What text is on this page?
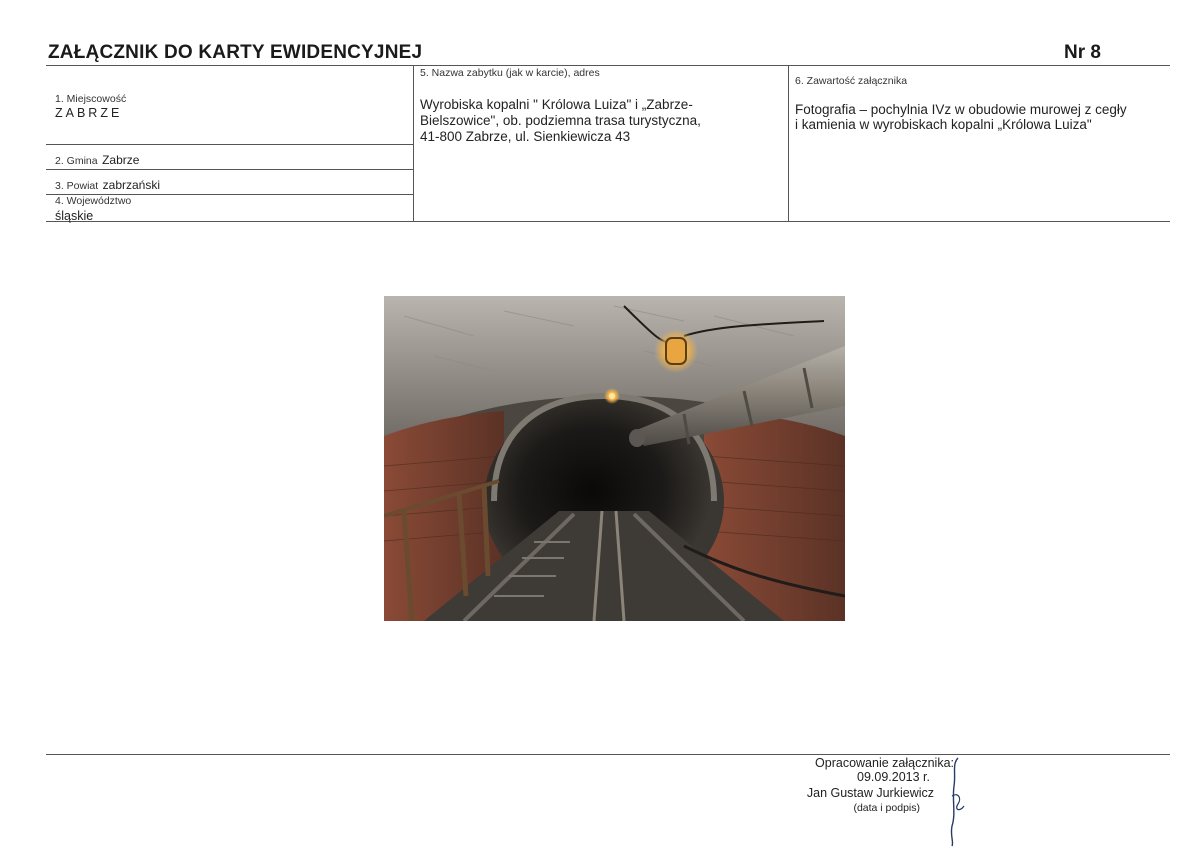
ZAŁĄCZNIK DO KARTY EWIDENCYJNEJ	Nr 8
1. Miejscowość
ZABRZE
2. Gmina Zabrze
3. Powiat zabrzański
4. Województwo
śląskie
5. Nazwa zabytku (jak w karcie), adres
Wyrobiska kopalni " Królowa Luiza" i „Zabrze-
Bielszowice", ob. podziemna trasa turystyczna,
41-800 Zabrze, ul. Sienkiewicza 43
6. Zawartość załącznika
Fotografia – pochylnia IVz w obudowie murowej z cegły
i kamienia w wyrobiskach kopalni „Królowa Luiza"
Opracowanie załącznika:
09.09.2013 r.
Jan Gustaw Jurkiewicz
(data i podpis)
